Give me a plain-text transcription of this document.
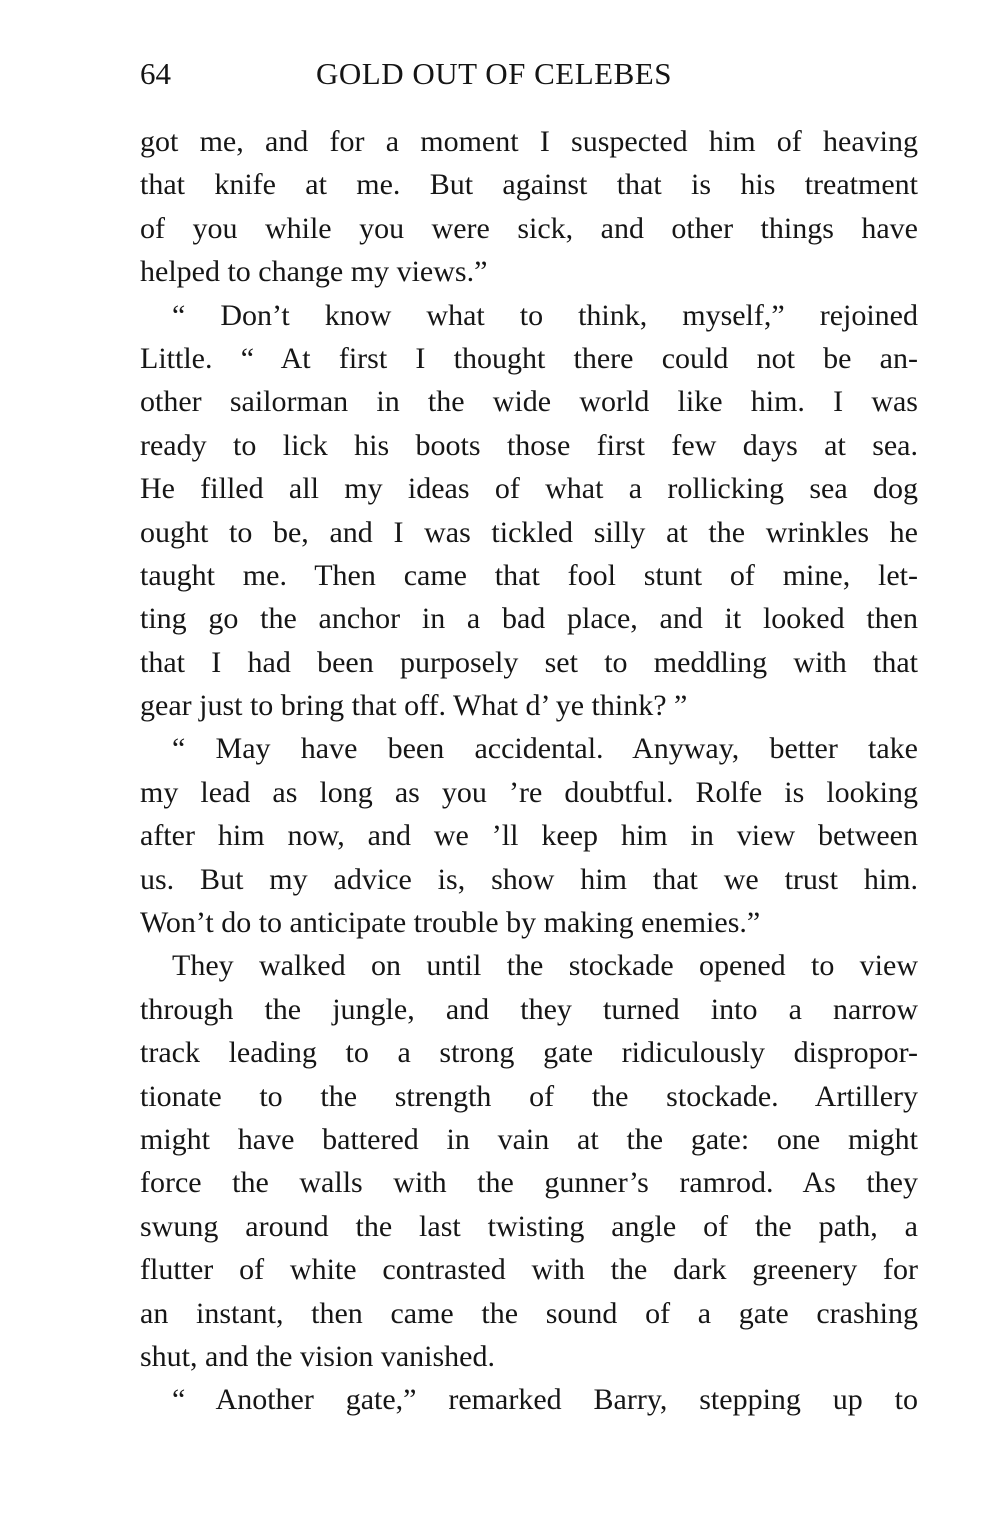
64	GOLD OUT OF CELEBES
got me, and for a moment I suspected him of heaving
that knife at me. But against that is his treatment
of you while you were sick, and other things have
helped to change my views.”
“ Don’t know what to think, myself,” rejoined
Little. “ At first I thought there could not be an-
other sailorman in the wide world like him. I was
ready to lick his boots those first few days at sea.
He filled all my ideas of what a rollicking sea dog
ought to be, and I was tickled silly at the wrinkles he
taught me. Then came that fool stunt of mine, let-
ting go the anchor in a bad place, and it looked then
that I had been purposely set to meddling with that
gear just to bring that off. What d’ ye think? ”
“ May have been accidental. Anyway, better take
my lead as long as you ’re doubtful. Rolfe is looking
after him now, and we ’ll keep him in view between
us. But my advice is, show him that we trust him.
Won’t do to anticipate trouble by making enemies.”
They walked on until the stockade opened to view
through the jungle, and they turned into a narrow
track leading to a strong gate ridiculously dispropor-
tionate to the strength of the stockade. Artillery
might have battered in vain at the gate: one might
force the walls with the gunner’s ramrod. As they
swung around the last twisting angle of the path, a
flutter of white contrasted with the dark greenery for
an instant, then came the sound of a gate crashing
shut, and the vision vanished.
“ Another gate,” remarked Barry, stepping up to
